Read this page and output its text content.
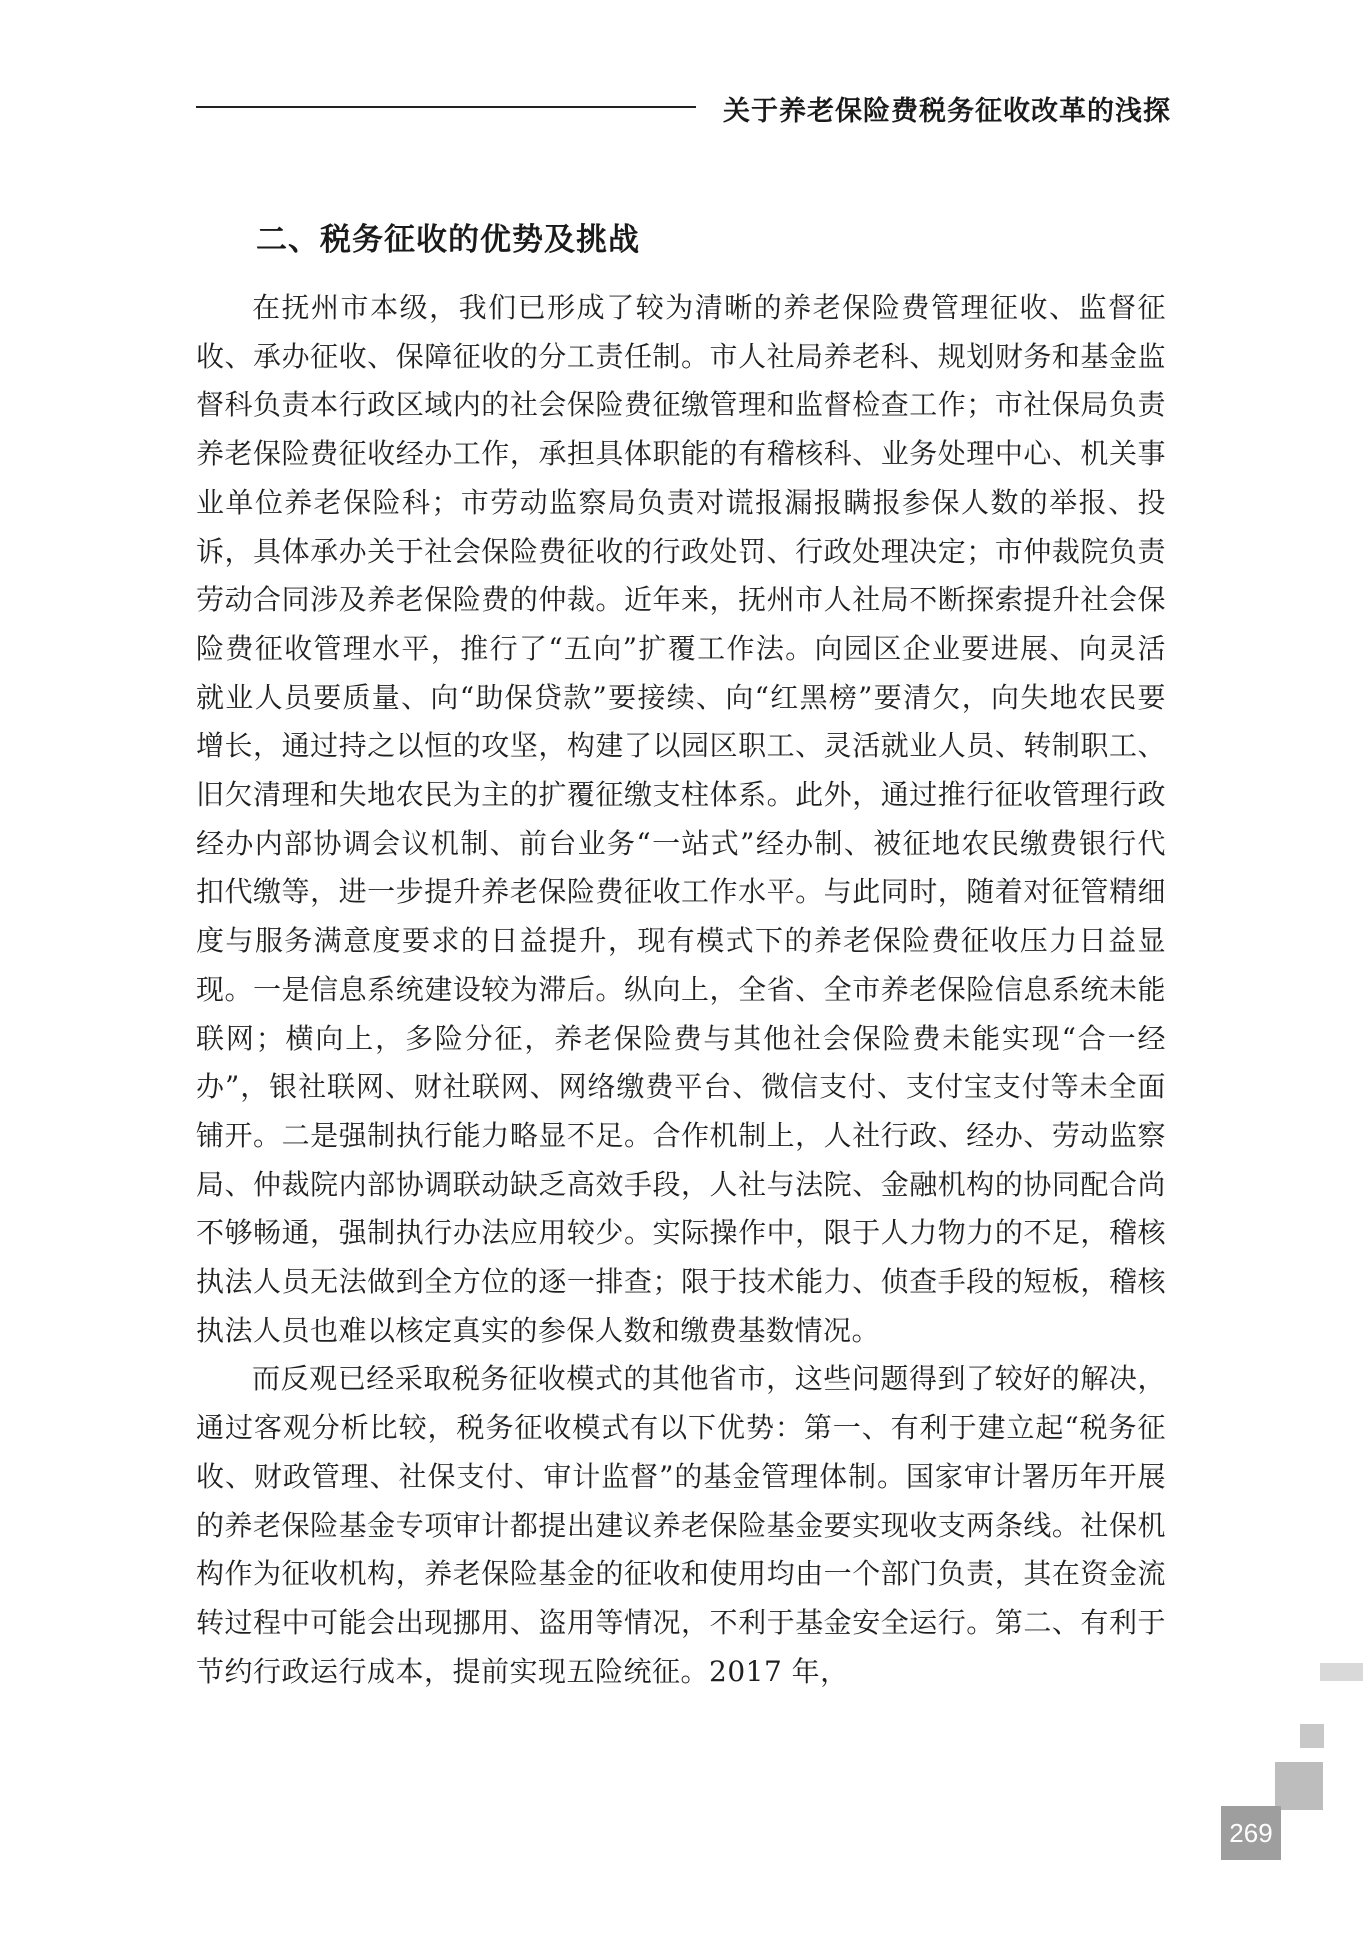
关于养老保险费税务征收改革的浅探
二、税务征收的优势及挑战

在抚州市本级，我们已形成了较为清晰的养老保险费管理征收、监督征收、承办征收、保障征收的分工责任制。市人社局养老科、规划财务和基金监督科负责本行政区域内的社会保险费征缴管理和监督检查工作；市社保局负责养老保险费征收经办工作，承担具体职能的有稽核科、业务处理中心、机关事业单位养老保险科；市劳动监察局负责对谎报漏报瞒报参保人数的举报、投诉，具体承办关于社会保险费征收的行政处罚、行政处理决定；市仲裁院负责劳动合同涉及养老保险费的仲裁。近年来，抚州市人社局不断探索提升社会保险费征收管理水平，推行了“五向”扩覆工作法。向园区企业要进展、向灵活就业人员要质量、向“助保贷款”要接续、向“红黑榜”要清欠，向失地农民要增长，通过持之以恒的攻坚，构建了以园区职工、灵活就业人员、转制职工、旧欠清理和失地农民为主的扩覆征缴支柱体系。此外，通过推行征收管理行政经办内部协调会议机制、前台业务“一站式”经办制、被征地农民缴费银行代扣代缴等，进一步提升养老保险费征收工作水平。与此同时，随着对征管精细度与服务满意度要求的日益提升，现有模式下的养老保险费征收压力日益显现。一是信息系统建设较为滞后。纵向上，全省、全市养老保险信息系统未能联网；横向上，多险分征，养老保险费与其他社会保险费未能实现“合一经办”，银社联网、财社联网、网络缴费平台、微信支付、支付宝支付等未全面铺开。二是强制执行能力略显不足。合作机制上，人社行政、经办、劳动监察局、仲裁院内部协调联动缺乏高效手段，人社与法院、金融机构的协同配合尚不够畅通，强制执行办法应用较少。实际操作中，限于人力物力的不足，稽核执法人员无法做到全方位的逐一排查；限于技术能力、侦查手段的短板，稽核执法人员也难以核定真实的参保人数和缴费基数情况。

而反观已经采取税务征收模式的其他省市，这些问题得到了较好的解决，通过客观分析比较，税务征收模式有以下优势：第一、有利于建立起“税务征收、财政管理、社保支付、审计监督”的基金管理体制。国家审计署历年开展的养老保险基金专项审计都提出建议养老保险基金要实现收支两条线。社保机构作为征收机构，养老保险基金的征收和使用均由一个部门负责，其在资金流转过程中可能会出现挪用、盗用等情况，不利于基金安全运行。第二、有利于节约行政运行成本，提前实现五险统征。2017 年，

269
